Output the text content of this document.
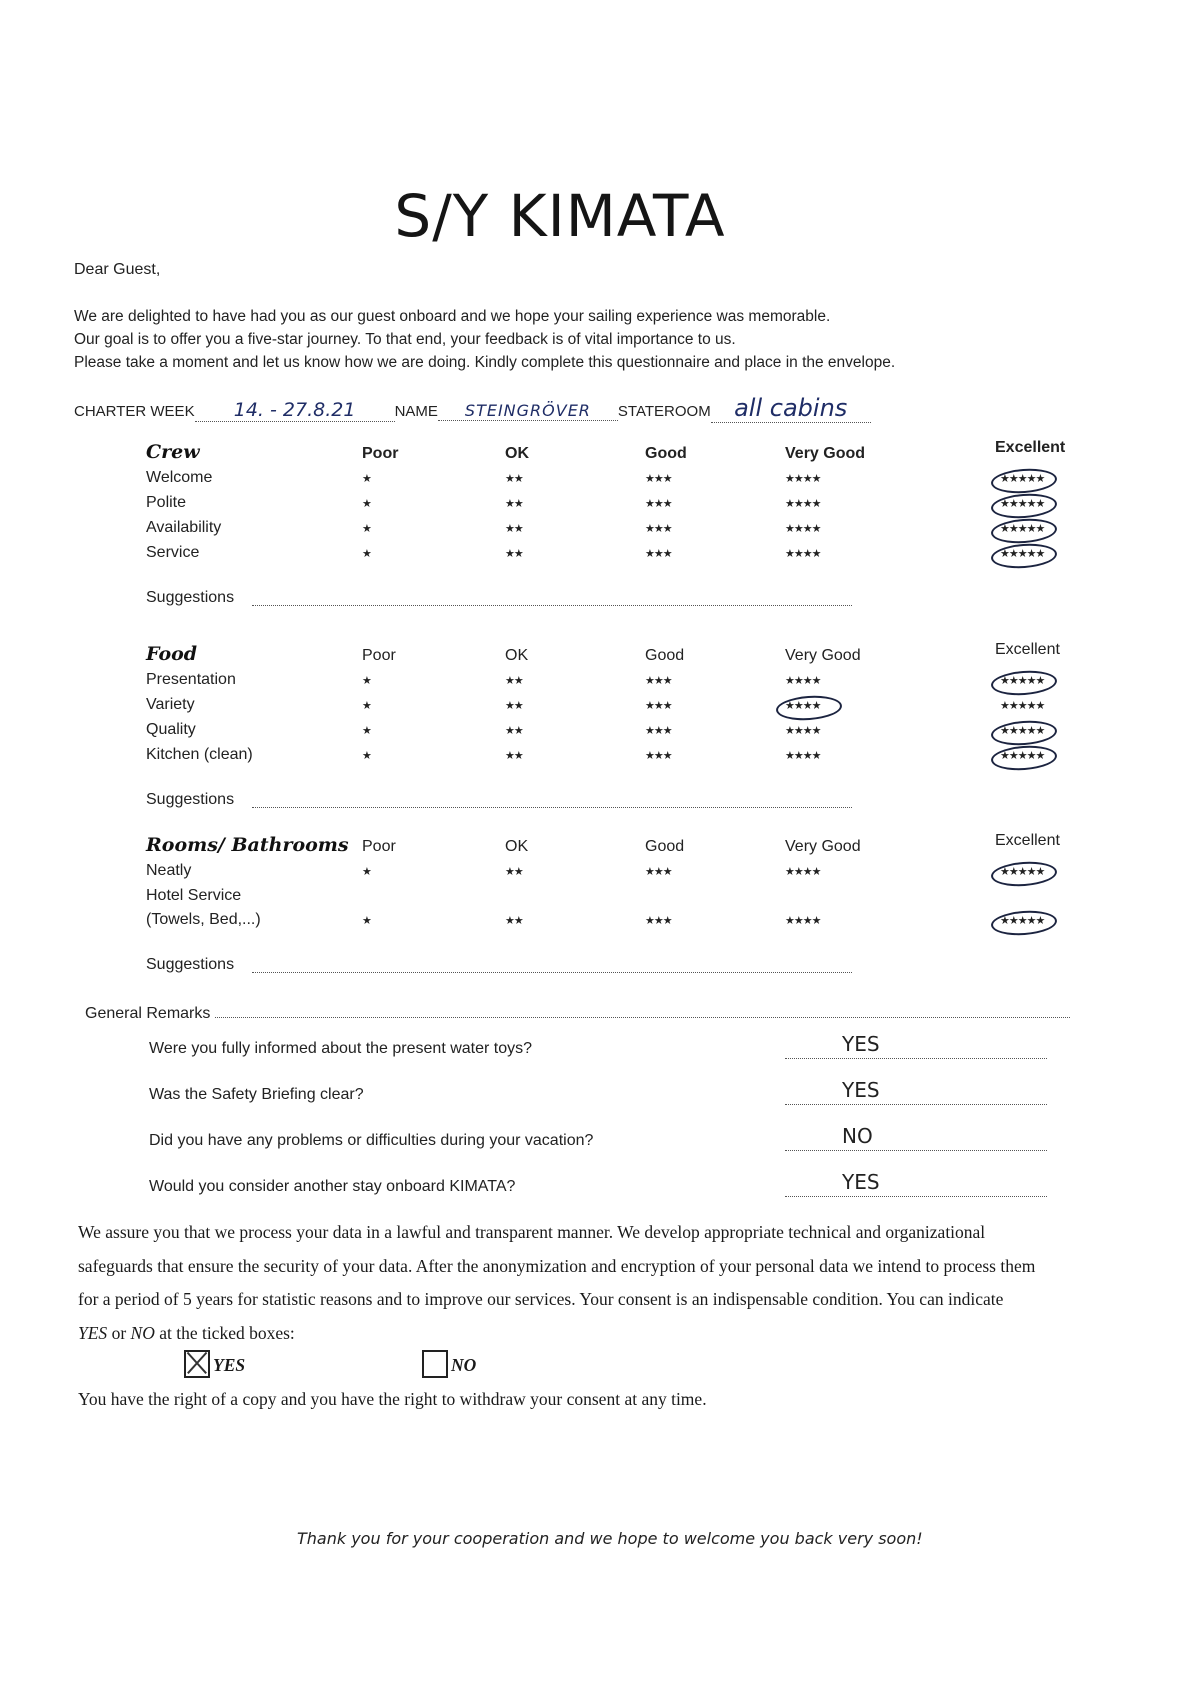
S/Y KIMATA
Dear Guest,
We are delighted to have had you as our guest onboard and we hope your sailing experience was memorable.
Our goal is to offer you a five-star journey. To that end, your feedback is of vital importance to us.
Please take a moment and let us know how we are doing. Kindly complete this questionnaire and place in the envelope.
CHARTER WEEK 14. - 27.8.21	NAME STEINGRÖVER STATEROOM all cabins
Crew	Poor	OK	Good	Very Good	Excellent
Welcome	★	★★	★★★	★★★★	★★★★★
Polite	★	★★	★★★	★★★★	★★★★★
Availability	★	★★	★★★	★★★★	★★★★★
Service	★	★★	★★★	★★★★	★★★★★
Suggestions
Food	Poor	OK	Good	Very Good	Excellent
Presentation	★	★★	★★★	★★★★	★★★★★
Variety	★	★★	★★★	★★★★	★★★★★
Quality	★	★★	★★★	★★★★	★★★★★
Kitchen (clean)	★	★★	★★★	★★★★	★★★★★
Suggestions
Rooms/ Bathrooms Poor	OK	Good	Very Good	Excellent
Neatly	★	★★	★★★	★★★★	★★★★★
Hotel Service
(Towels, Bed,...)	★	★★	★★★	★★★★	★★★★★
Suggestions
General Remarks
Were you fully informed about the present water toys?	YES
Was the Safety Briefing clear?	YES
Did you have any problems or difficulties during your vacation?	NO
Would you consider another stay onboard KIMATA?	YES
We assure you that we process your data in a lawful and transparent manner. We develop appropriate technical and organizational
safeguards that ensure the security of your data. After the anonymization and encryption of your personal data we intend to process them
for a period of 5 years for statistic reasons and to improve our services. Your consent is an indispensable condition. You can indicate
YES or NO at the ticked boxes:
YES	NO
You have the right of a copy and you have the right to withdraw your consent at any time.
Thank you for your cooperation and we hope to welcome you back very soon!
